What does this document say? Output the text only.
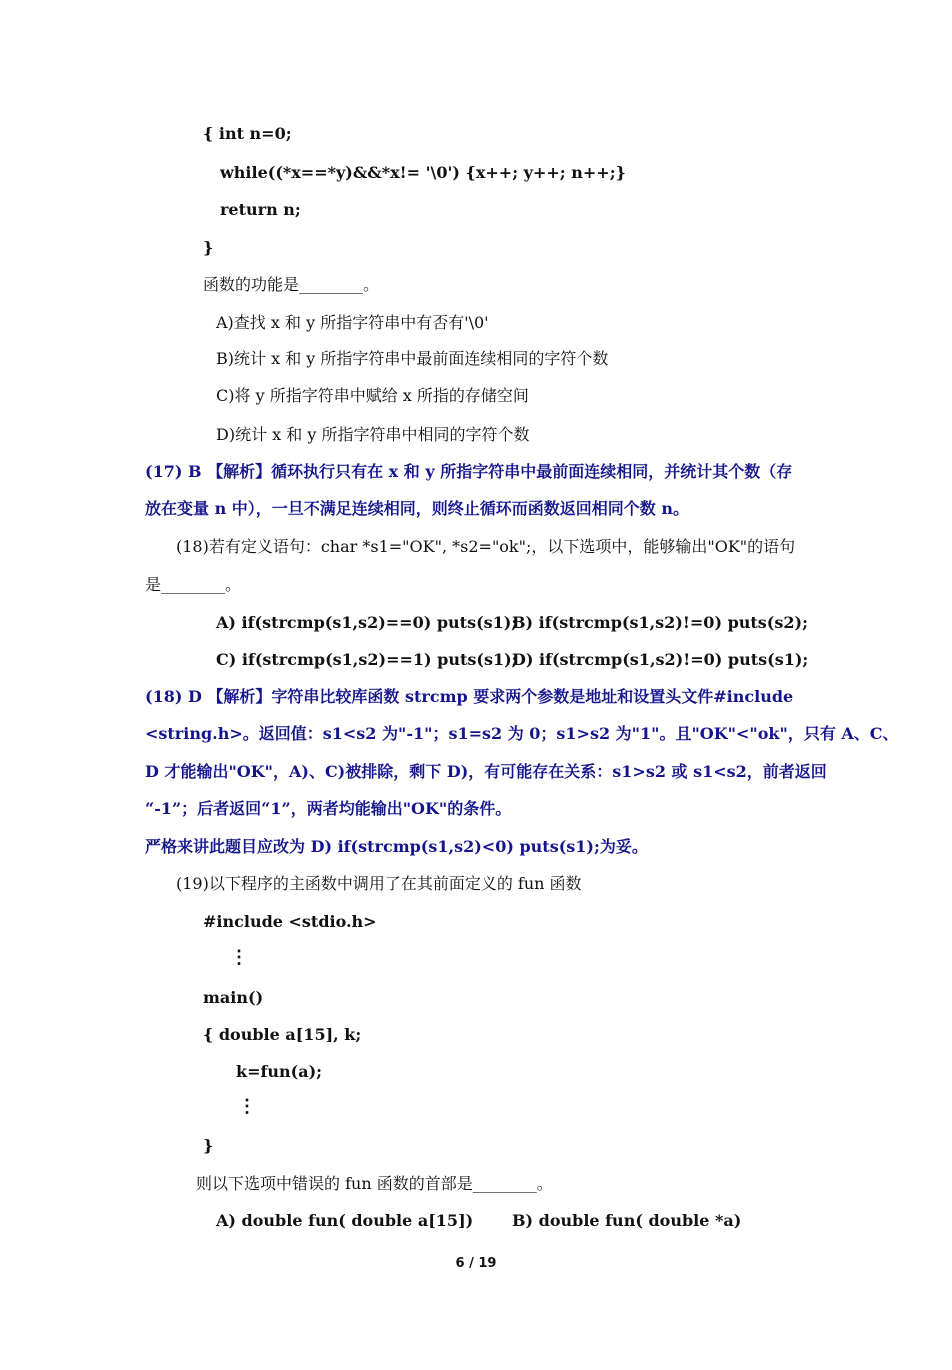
{ int n=0;
while((*x==*y)&&*x!= '\0') {x++; y++; n++;}
return n;
}
函数的功能是________。
A)查找 x 和 y 所指字符串中有否有'\0'
B)统计 x 和 y 所指字符串中最前面连续相同的字符个数
C)将 y 所指字符串中赋给 x 所指的存储空间
D)统计 x 和 y 所指字符串中相同的字符个数
(17) B 【解析】循环执行只有在 x 和 y 所指字符串中最前面连续相同，并统计其个数（存
放在变量 n 中），一旦不满足连续相同，则终止循环而函数返回相同个数 n。
(18)若有定义语句：char *s1="OK", *s2="ok";，以下选项中，能够输出"OK"的语句
是________。
A) if(strcmp(s1,s2)==0) puts(s1);
B) if(strcmp(s1,s2)!=0) puts(s2);
C) if(strcmp(s1,s2)==1) puts(s1);
D) if(strcmp(s1,s2)!=0) puts(s1);
(18) D 【解析】字符串比较库函数 strcmp 要求两个参数是地址和设置头文件#include
<string.h>。返回值：s1<s2 为"-1"；s1=s2 为 0；s1>s2 为"1"。且"OK"<"ok"，只有 A、C、
D 才能输出"OK"，A)、C)被排除，剩下 D)，有可能存在关系：s1>s2 或 s1<s2，前者返回
“-1”；后者返回“1”，两者均能输出"OK"的条件。
严格来讲此题目应改为 D) if(strcmp(s1,s2)<0) puts(s1);为妥。
(19)以下程序的主函数中调用了在其前面定义的 fun 函数
#include <stdio.h>
⋮
main()
{ double a[15], k;
k=fun(a);
⋮
}
则以下选项中错误的 fun 函数的首部是________。
A) double fun( double a[15]) B) double fun( double *a)
6 / 19
